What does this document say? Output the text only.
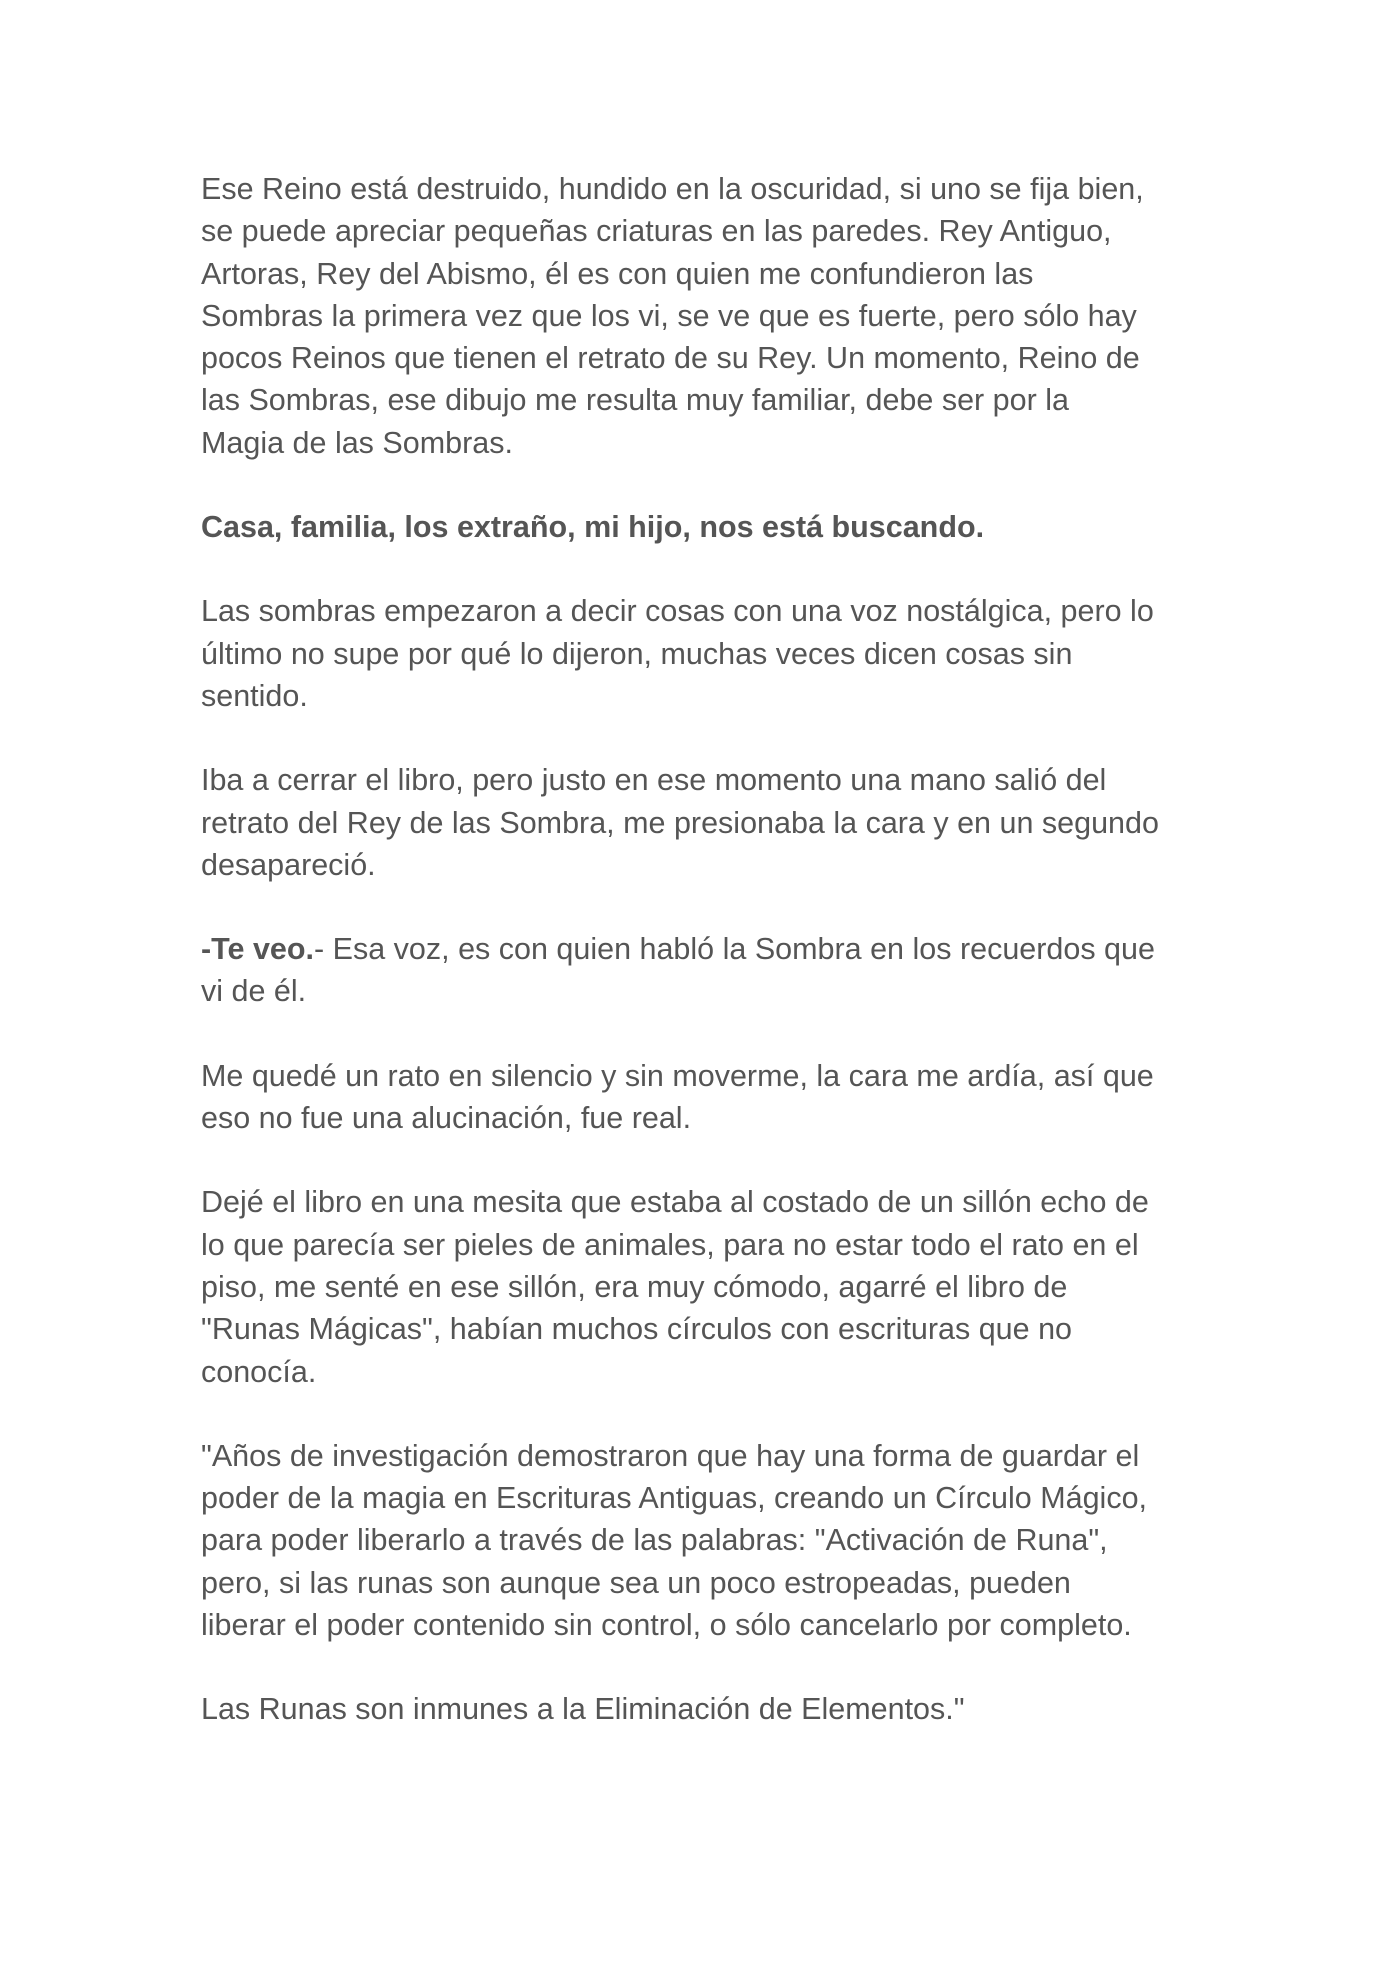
Ese Reino está destruido, hundido en la oscuridad, si uno se fija bien,
se puede apreciar pequeñas criaturas en las paredes. Rey Antiguo,
Artoras, Rey del Abismo, él es con quien me confundieron las
Sombras la primera vez que los vi, se ve que es fuerte, pero sólo hay
pocos Reinos que tienen el retrato de su Rey. Un momento, Reino de
las Sombras, ese dibujo me resulta muy familiar, debe ser por la
Magia de las Sombras.

Casa, familia, los extraño, mi hijo, nos está buscando.

Las sombras empezaron a decir cosas con una voz nostálgica, pero lo
último no supe por qué lo dijeron, muchas veces dicen cosas sin
sentido.

Iba a cerrar el libro, pero justo en ese momento una mano salió del
retrato del Rey de las Sombra, me presionaba la cara y en un segundo
desapareció.

-Te veo.- Esa voz, es con quien habló la Sombra en los recuerdos que
vi de él.

Me quedé un rato en silencio y sin moverme, la cara me ardía, así que
eso no fue una alucinación, fue real.

Dejé el libro en una mesita que estaba al costado de un sillón echo de
lo que parecía ser pieles de animales, para no estar todo el rato en el
piso, me senté en ese sillón, era muy cómodo, agarré el libro de
"Runas Mágicas", habían muchos círculos con escrituras que no
conocía.

"Años de investigación demostraron que hay una forma de guardar el
poder de la magia en Escrituras Antiguas, creando un Círculo Mágico,
para poder liberarlo a través de las palabras: "Activación de Runa",
pero, si las runas son aunque sea un poco estropeadas, pueden
liberar el poder contenido sin control, o sólo cancelarlo por completo.

Las Runas son inmunes a la Eliminación de Elementos."
